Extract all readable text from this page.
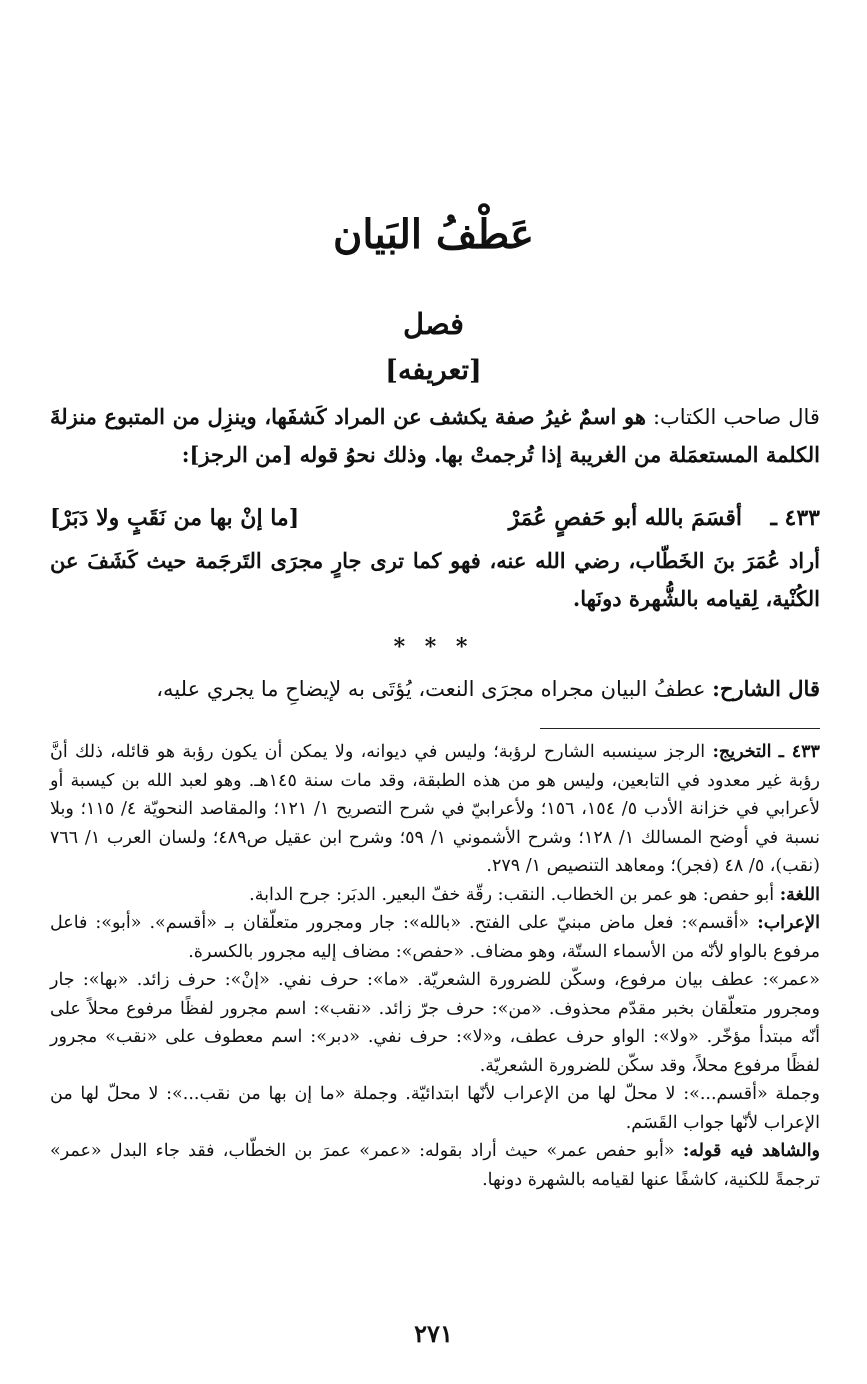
عَطْفُ البَيان
فصل
[تعريفه]
قال صاحب الكتاب: هو اسمٌ غيرُ صفة يكشف عن المراد كَشفَها، وينزِل من المتبوع منزلةَ الكلمة المستعمَلة من الغريبة إذا تُرجمتْ بها. وذلك نحوُ قوله [من الرجز]:
٤٣٣ ـ
أقسَمَ بالله أبو حَفصٍ عُمَرْ
[ما إنْ بها من نَقَبٍ ولا دَبَرْ]
أراد عُمَرَ بنَ الخَطّاب، رضي الله عنه، فهو كما ترى جارٍ مجرَى التَرجَمة حيث كَشَفَ عن الكُنْية، لِقيامه بالشُّهرة دونَها.
* * *
قال الشارح: عطفُ البيان مجراه مجرَى النعت، يُؤتَى به لإيضاحِ ما يجري عليه،

٤٣٣ ـ التخريج: الرجز سينسبه الشارح لرؤبة؛ وليس في ديوانه، ولا يمكن أن يكون رؤبة هو قائله، ذلك أنَّ رؤبة غير معدود في التابعين، وليس هو من هذه الطبقة، وقد مات سنة ١٤٥هـ. وهو لعبد الله بن كيسبة أو لأعرابي في خزانة الأدب ٥/ ١٥٤، ١٥٦؛ ولأعرابيّ في شرح التصريح ١/ ١٢١؛ والمقاصد النحويّة ٤/ ١١٥؛ وبلا نسبة في أوضح المسالك ١/ ١٢٨؛ وشرح الأشموني ١/ ٥٩؛ وشرح ابن عقيل ص٤٨٩؛ ولسان العرب ١/ ٧٦٦ (نقب)، ٥/ ٤٨ (فجر)؛ ومعاهد التنصيص ١/ ٢٧٩.

اللغة: أبو حفص: هو عمر بن الخطاب. النقب: رقّة خفّ البعير. الدبَر: جرح الدابة.

الإعراب: «أقسم»: فعل ماض مبنيّ على الفتح. «بالله»: جار ومجرور متعلّقان بـ «أقسم». «أبو»: فاعل مرفوع بالواو لأنّه من الأسماء الستّة، وهو مضاف. «حفص»: مضاف إليه مجرور بالكسرة.

«عمر»: عطف بيان مرفوع، وسكّن للضرورة الشعريّة. «ما»: حرف نفي. «إنْ»: حرف زائد. «بها»: جار ومجرور متعلّقان بخبر مقدّم محذوف. «من»: حرف جرّ زائد. «نقب»: اسم مجرور لفظًا مرفوع محلاً على أنّه مبتدأ مؤخّر. «ولا»: الواو حرف عطف، و«لا»: حرف نفي. «دبر»: اسم معطوف على «نقب» مجرور لفظًا مرفوع محلاً، وقد سكّن للضرورة الشعريّة.

وجملة «أقسم...»: لا محلّ لها من الإعراب لأنّها ابتدائيّة. وجملة «ما إن بها من نقب...»: لا محلّ لها من الإعراب لأنّها جواب القَسَم.

والشاهد فيه قوله: «أبو حفص عمر» حيث أراد بقوله: «عمر» عمرَ بن الخطّاب، فقد جاء البدل «عمر» ترجمةً للكنية، كاشفًا عنها لقيامه بالشهرة دونها.

٢٧١
